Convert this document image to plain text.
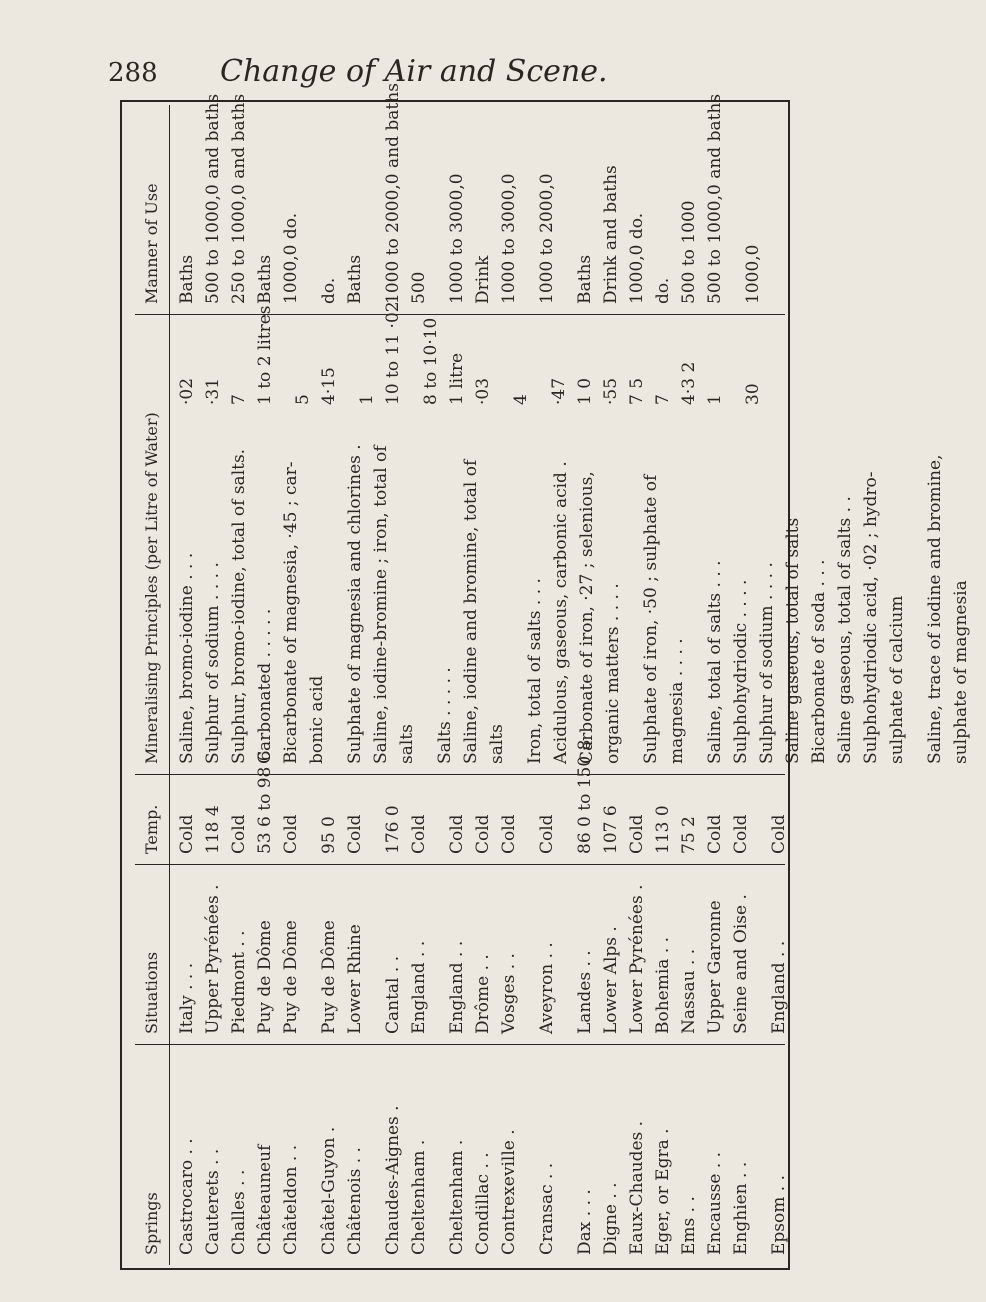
288 Change of Air and Scene.
Springs Castrocaro . . Cauterets . . Challes . . Châteauneuf Châteldon . . Châtel-Guyon . Châtenois . . Chaudes-Aignes . Cheltenham . Cheltenham . Condillac . . Contrexeville . Cransac . . Dax . . . Digne . . Eaux-Chaudes . Eger, or Egra . Ems . . Encausse . . Enghien . . Epsom . .
Situations Italy . . . Upper Pyrénées . Piedmont . . Puy de Dôme Puy de Dôme Puy de Dôme Lower Rhine Cantal . . England . . England . . Drôme . . Vosges . . Aveyron . . Landes . . Lower Alps . Lower Pyrénées . Bohemia . . Nassau . . Upper Garonne Seine and Oise . England . .
Temp. Cold 118 4 Cold 53 6 to 98 6 Cold 95 0 Cold 176 0 Cold Cold Cold Cold Cold 86 0 to 150 8 107 6 Cold 113 0 75 2 Cold Cold Cold
Mineralising Principles (per Litre of Water) Saline, bromo-iodine . . . Sulphur of sodium . . . . Sulphur, bromo-iodine, total of salts. Carbonated . . . . . Bicarbonate of magnesia, ·45 ; car- bonic acid Sulphate of magnesia and chlorines . Saline, iodine-bromine ; iron, total of salts Salts . . . . . Saline, iodine and bromine, total of salts Iron, total of salts . . . Acidulous, gaseous, carbonic acid . Carbonate of iron, ·27 ; selenious, organic matters . . . . Sulphate of iron, ·50 ; sulphate of magnesia . . . . Saline, total of salts . . . Sulphohydriodic . . . . Sulphur of sodium . . . . Saline gaseous, total of salts Bicarbonate of soda . . . Saline gaseous, total of salts . . Sulphohydriodic acid, ·02 ; hydro- sulphate of calcium Saline, trace of iodine and bromine, sulphate of magnesia
·02 ·31 7 1 to 2 litres 5 4·15 1 10 to 11 ·02 8 to 10·10 1 litre ·03 4 ·47 1 0 ·55 7 5 7 4·3 2 1 30
Manner of Use Baths 500 to 1000,0 and baths 250 to 1000,0 and baths Baths 1000,0 do. do. Baths 1000 to 2000,0 and baths 500 1000 to 3000,0 Drink 1000 to 3000,0 1000 to 2000,0 Baths Drink and baths 1000,0 do. do. 500 to 1000 500 to 1000,0 and baths 1000,0
